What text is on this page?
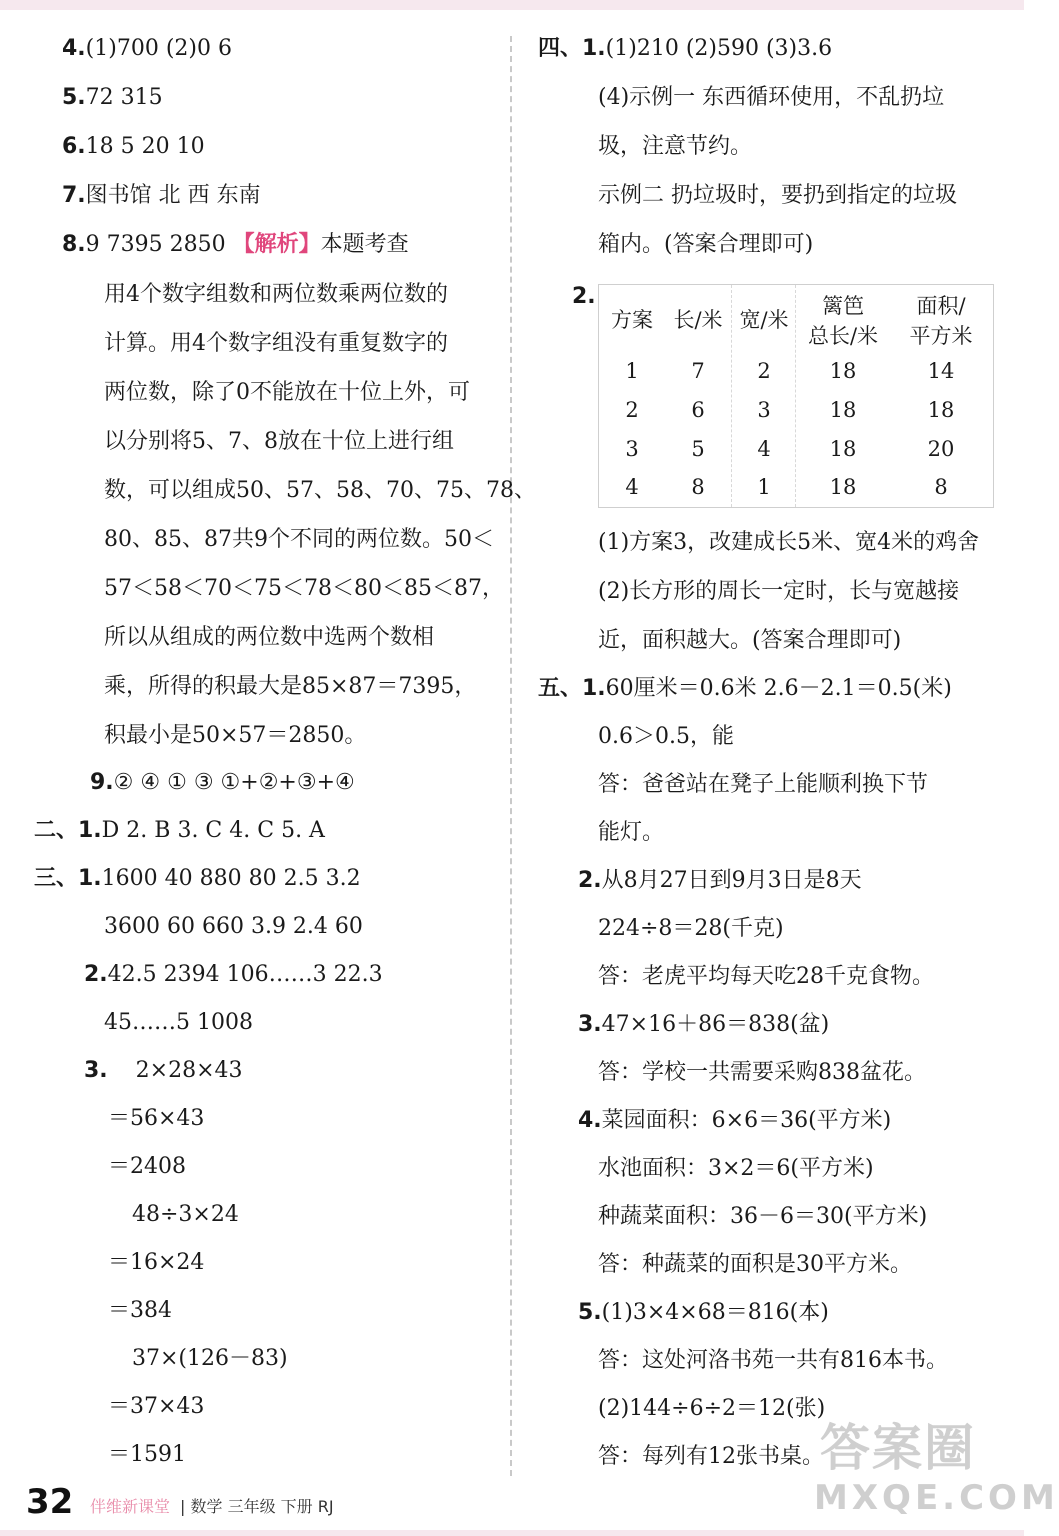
4.(1)700 (2)0 6
5.72 315
6.18 5 20 10
7.图书馆 北 西 东南
8.9 7395 2850 【解析】本题考查
用4个数字组数和两位数乘两位数的
计算。用4个数字组没有重复数字的
两位数，除了0不能放在十位上外，可
以分别将5、7、8放在十位上进行组
数，可以组成50、57、58、70、75、78、
80、85、87共9个不同的两位数。50＜
57＜58＜70＜75＜78＜80＜85＜87，
所以从组成的两位数中选两个数相
乘，所得的积最大是85×87＝7395，
积最小是50×57＝2850。
9.② ④ ① ③ ①+②+③+④
二、1.D 2. B 3. C 4. C 5. A
三、1.1600 40 880 80 2.5 3.2
3600 60 660 3.9 2.4 60
2.42.5 2394 106……3 22.3
45……5 1008
3. 2×28×43
＝56×43
＝2408
48÷3×24
＝16×24
＝384
37×(126－83)
＝37×43
＝1591
四、1.(1)210 (2)590 (3)3.6
(4)示例一 东西循环使用，不乱扔垃
圾，注意节约。
示例二 扔垃圾时，要扔到指定的垃圾
箱内。(答案合理即可)
2.
方案 长/米 宽/米
篱笆
总长/米
面积/
平方米
1	7	2	18	14
2	6	3	18	18
3	5	4	18	20
4	8	1	18	8
(1)方案3，改建成长5米、宽4米的鸡舍
(2)长方形的周长一定时，长与宽越接
近，面积越大。(答案合理即可)
五、1.60厘米＝0.6米 2.6－2.1＝0.5(米)
0.6＞0.5，能
答：爸爸站在凳子上能顺利换下节
能灯。
2.从8月27日到9月3日是8天
224÷8＝28(千克)
答：老虎平均每天吃28千克食物。
3.47×16＋86＝838(盆)
答：学校一共需要采购838盆花。
4.菜园面积：6×6＝36(平方米)
水池面积：3×2＝6(平方米)
种蔬菜面积：36－6＝30(平方米)
答：种蔬菜的面积是30平方米。
5.(1)3×4×68＝816(本)
答：这处河洛书苑一共有816本书。
(2)144÷6÷2＝12(张)
答：每列有12张书桌。
答案圈
MXQE.COM
32 伴维新课堂 | 数学 三年级 下册 RJ
